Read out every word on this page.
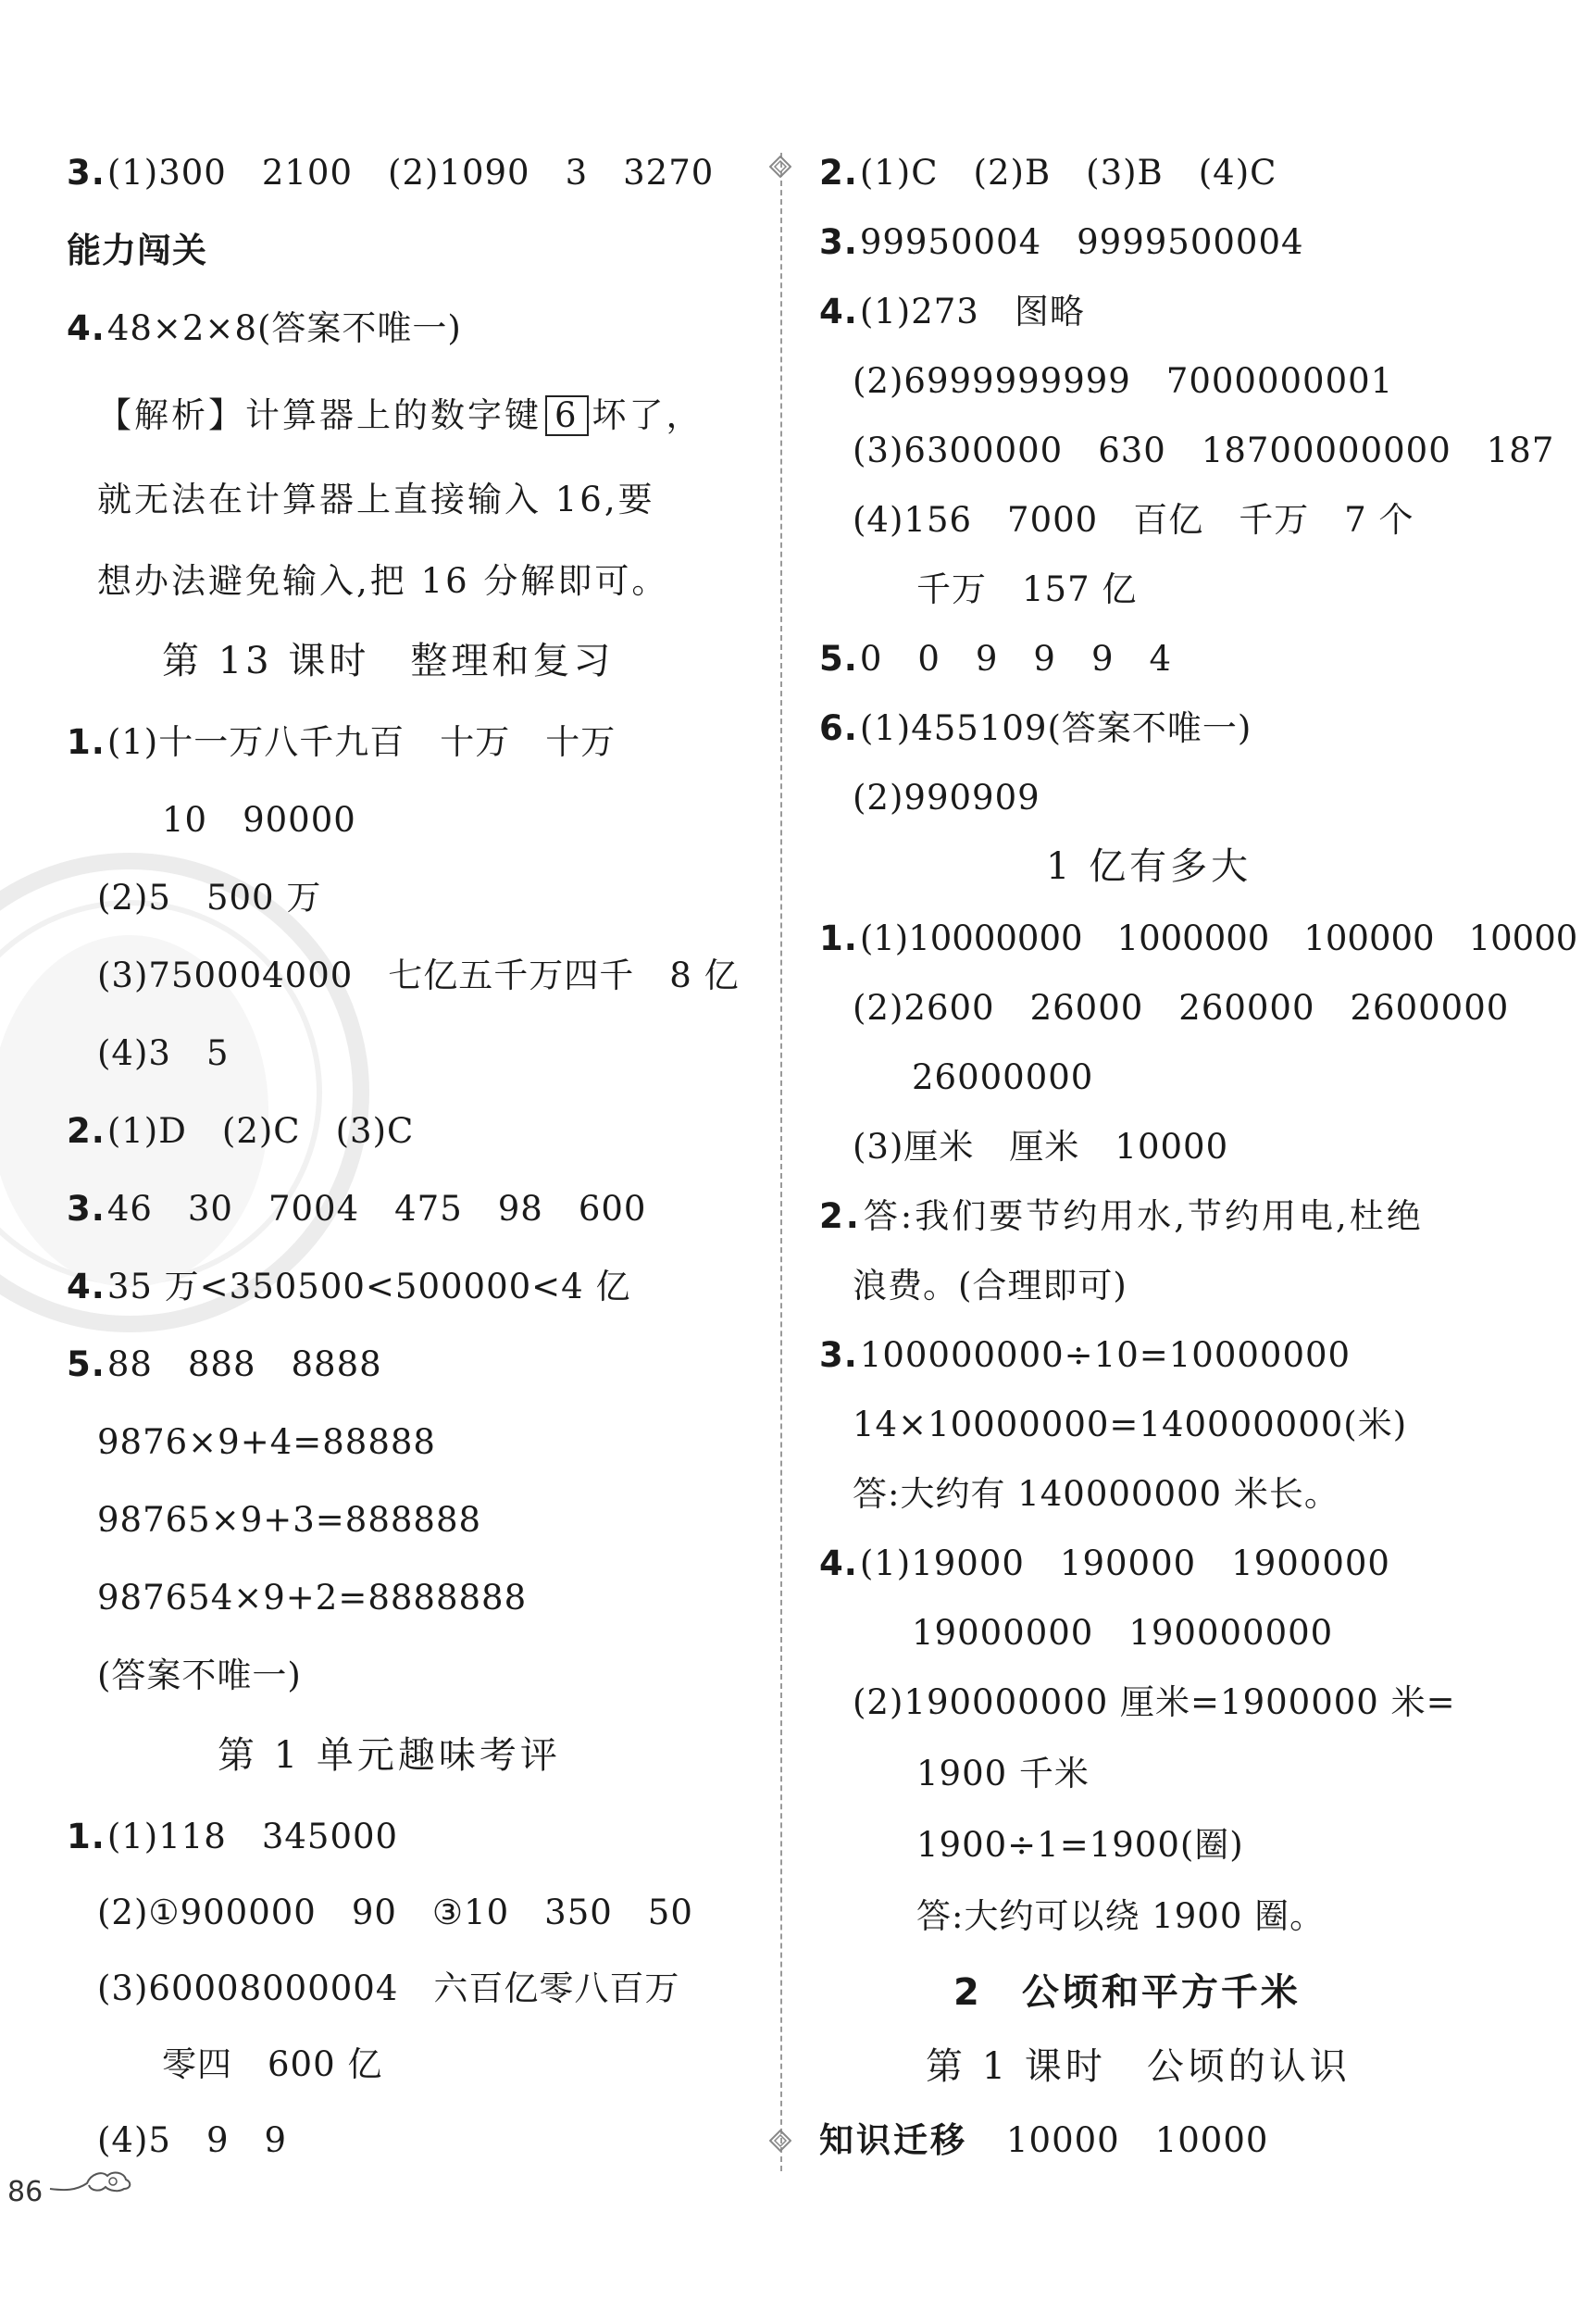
3.(1)300　2100　(2)1090　3　3270
能力闯关
4.48×2×8(答案不唯一)
【解析】计算器上的数字键 6 坏了，
就无法在计算器上直接输入 16,要
想办法避免输入,把 16 分解即可。
第 13 课时　整理和复习
1.(1)十一万八千九百　十万　十万
10　90000
(2)5　500 万
(3)750004000　七亿五千万四千　8 亿
(4)3　5
2.(1)D　(2)C　(3)C
3.46　30　7004　475　98　600
4.35 万<350500<500000<4 亿
5.88　888　8888
9876×9+4=88888
98765×9+3=888888
987654×9+2=8888888
(答案不唯一)
第 1 单元趣味考评
1.(1)118　345000
(2)①900000　90　③10　350　50
(3)60008000004　六百亿零八百万
零四　600 亿
(4)5　9　9
2.(1)C　(2)B　(3)B　(4)C
3.99950004　9999500004
4.(1)273　图略
(2)6999999999　7000000001
(3)6300000　630　18700000000　187
(4)156　7000　百亿　千万　7 个
千万　157 亿
5.0　0　9　9　9　4
6.(1)455109(答案不唯一)
(2)990909
1 亿有多大
1.(1)10000000　1000000　100000　10000
(2)2600　26000　260000　2600000
26000000
(3)厘米　厘米　10000
2.答:我们要节约用水,节约用电,杜绝
浪费。(合理即可)
3.100000000÷10=10000000
14×10000000=140000000(米)
答:大约有 140000000 米长。
4.(1)19000　190000　1900000
19000000　190000000
(2)190000000 厘米=1900000 米=
1900 千米
1900÷1=1900(圈)
答:大约可以绕 1900 圈。
2　公顷和平方千米
第 1 课时　公顷的认识
知识迁移 10000　10000
86
